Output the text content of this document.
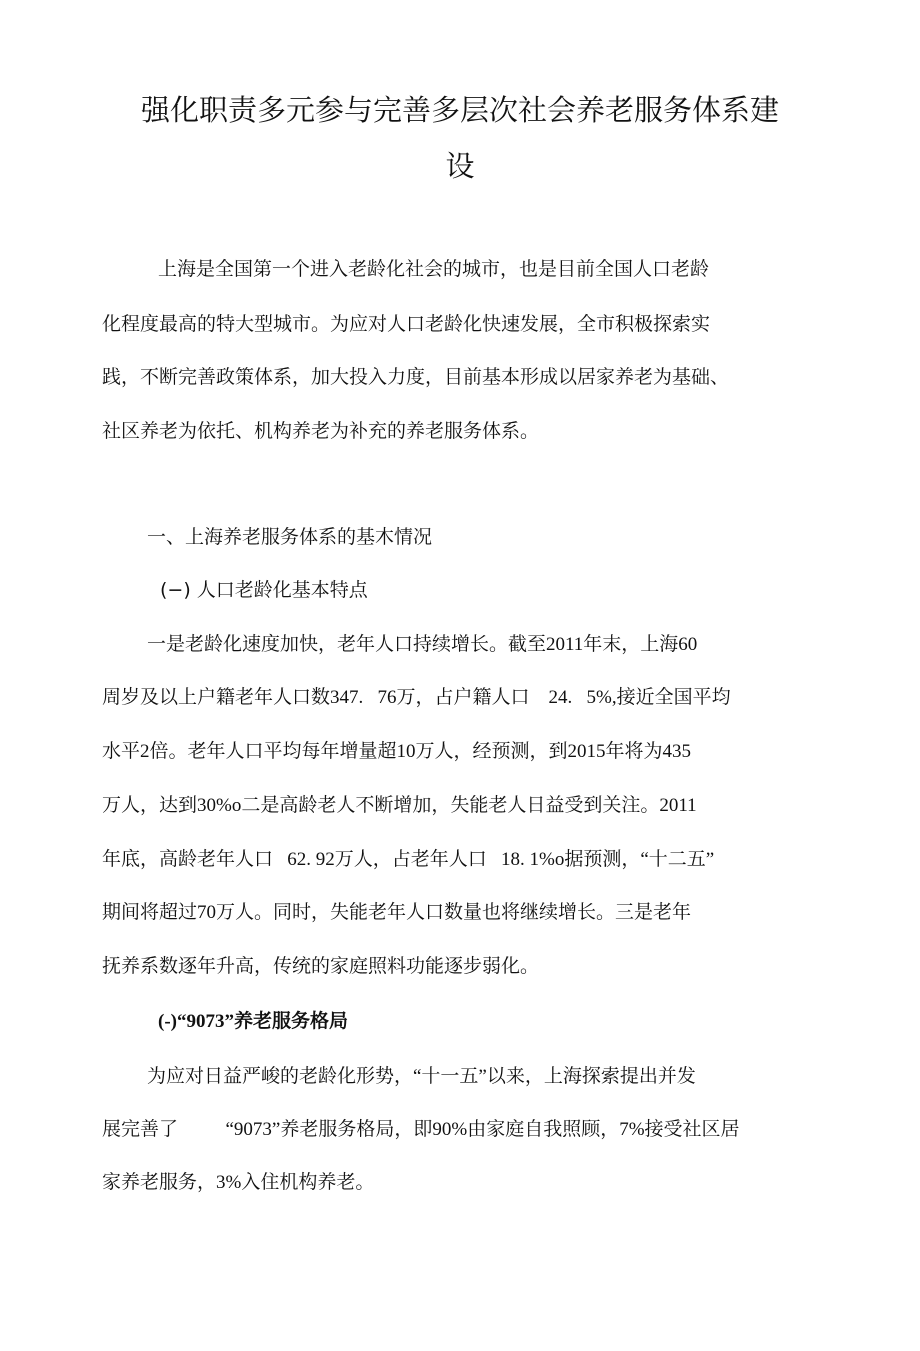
强化职责多元参与完善多层次社会养老服务体系建
设
上海是全国第一个进入老龄化社会的城市，也是目前全国人口老龄
化程度最高的特大型城市。为应对人口老龄化快速发展，全市积极探索实
践，不断完善政策体系，加大投入力度，目前基本形成以居家养老为基础、
社区养老为依托、机构养老为补充的养老服务体系。
一、上海养老服务体系的基木情况
(−) 人口老龄化基本特点
一是老龄化速度加快，老年人口持续增长。截至2011年末，上海60
周岁及以上户籍老年人口数347.   76万，占户籍人口    24.   5%,接近全国平均
水平2倍。老年人口平均每年增量超10万人，经预测，到2015年将为435
万人，达到30%o二是高龄老人不断增加，失能老人日益受到关注。2011
年底，高龄老年人口   62. 92万人，占老年人口   18. 1%o据预测，“十二五”
期间将超过70万人。同时，失能老年人口数量也将继续增长。三是老年
抚养系数逐年升高，传统的家庭照料功能逐步弱化。
(-)“9073”养老服务格局
为应对日益严峻的老龄化形势，“十一五”以来，上海探索提出并发
展完善了          “9073”养老服务格局，即90%由家庭自我照顾，7%接受社区居
家养老服务，3%入住机构养老。
